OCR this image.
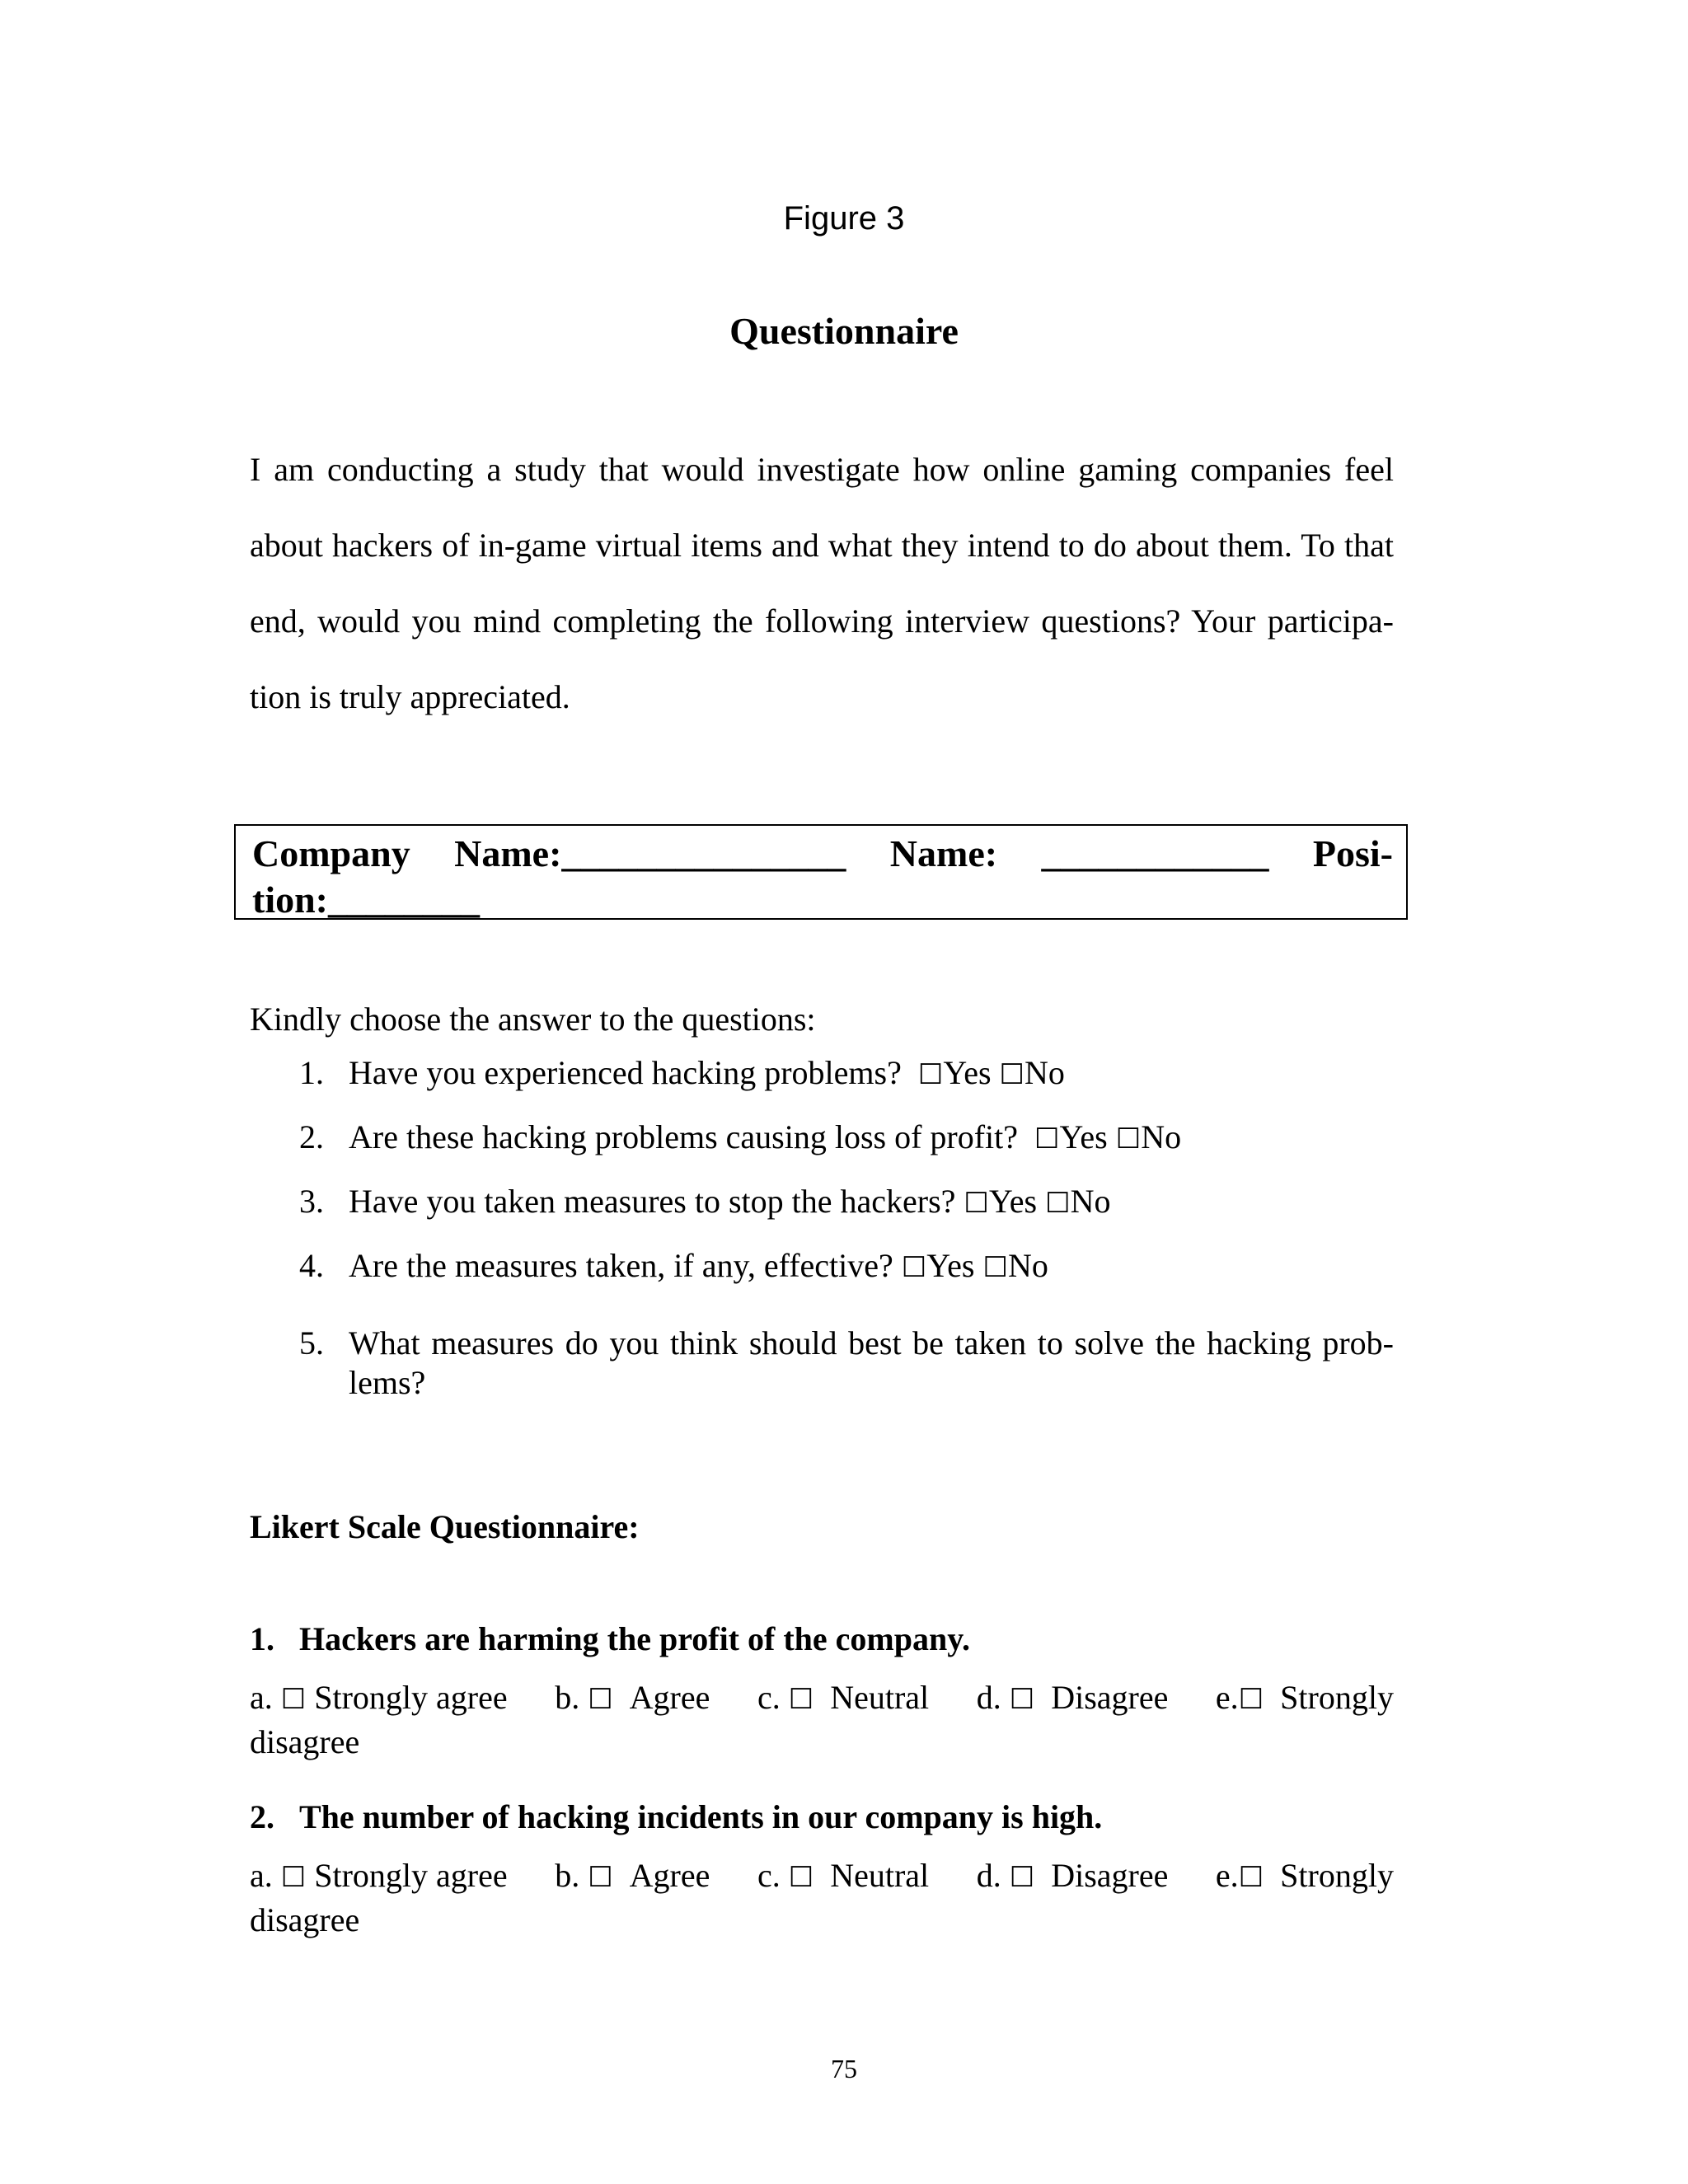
Figure 3
Questionnaire

I am conducting a study that would investigate how online gaming companies feel about hackers of in-game virtual items and what they intend to do about them. To that end, would you mind completing the following interview questions? Your participa-tion is truly appreciated.

Company Name:_______________ Name: ____________ Posi-
tion:________
Kindly choose the answer to the questions:
1. Have you experienced hacking problems? ☐Yes ☐No
2. Are these hacking problems causing loss of profit? ☐Yes ☐No
3. Have you taken measures to stop the hackers? ☐Yes ☐No
4. Are the measures taken, if any, effective? ☐Yes ☐No
5. What measures do you think should best be taken to solve the hacking prob-lems?
Likert Scale Questionnaire:
1. Hackers are harming the profit of the company.
a. ☐ Strongly agree b. ☐ Agree c. ☐ Neutral d. ☐ Disagree e.☐ Strongly
disagree
2. The number of hacking incidents in our company is high.
a. ☐ Strongly agree b. ☐ Agree c. ☐ Neutral d. ☐ Disagree e.☐ Strongly
disagree
75
